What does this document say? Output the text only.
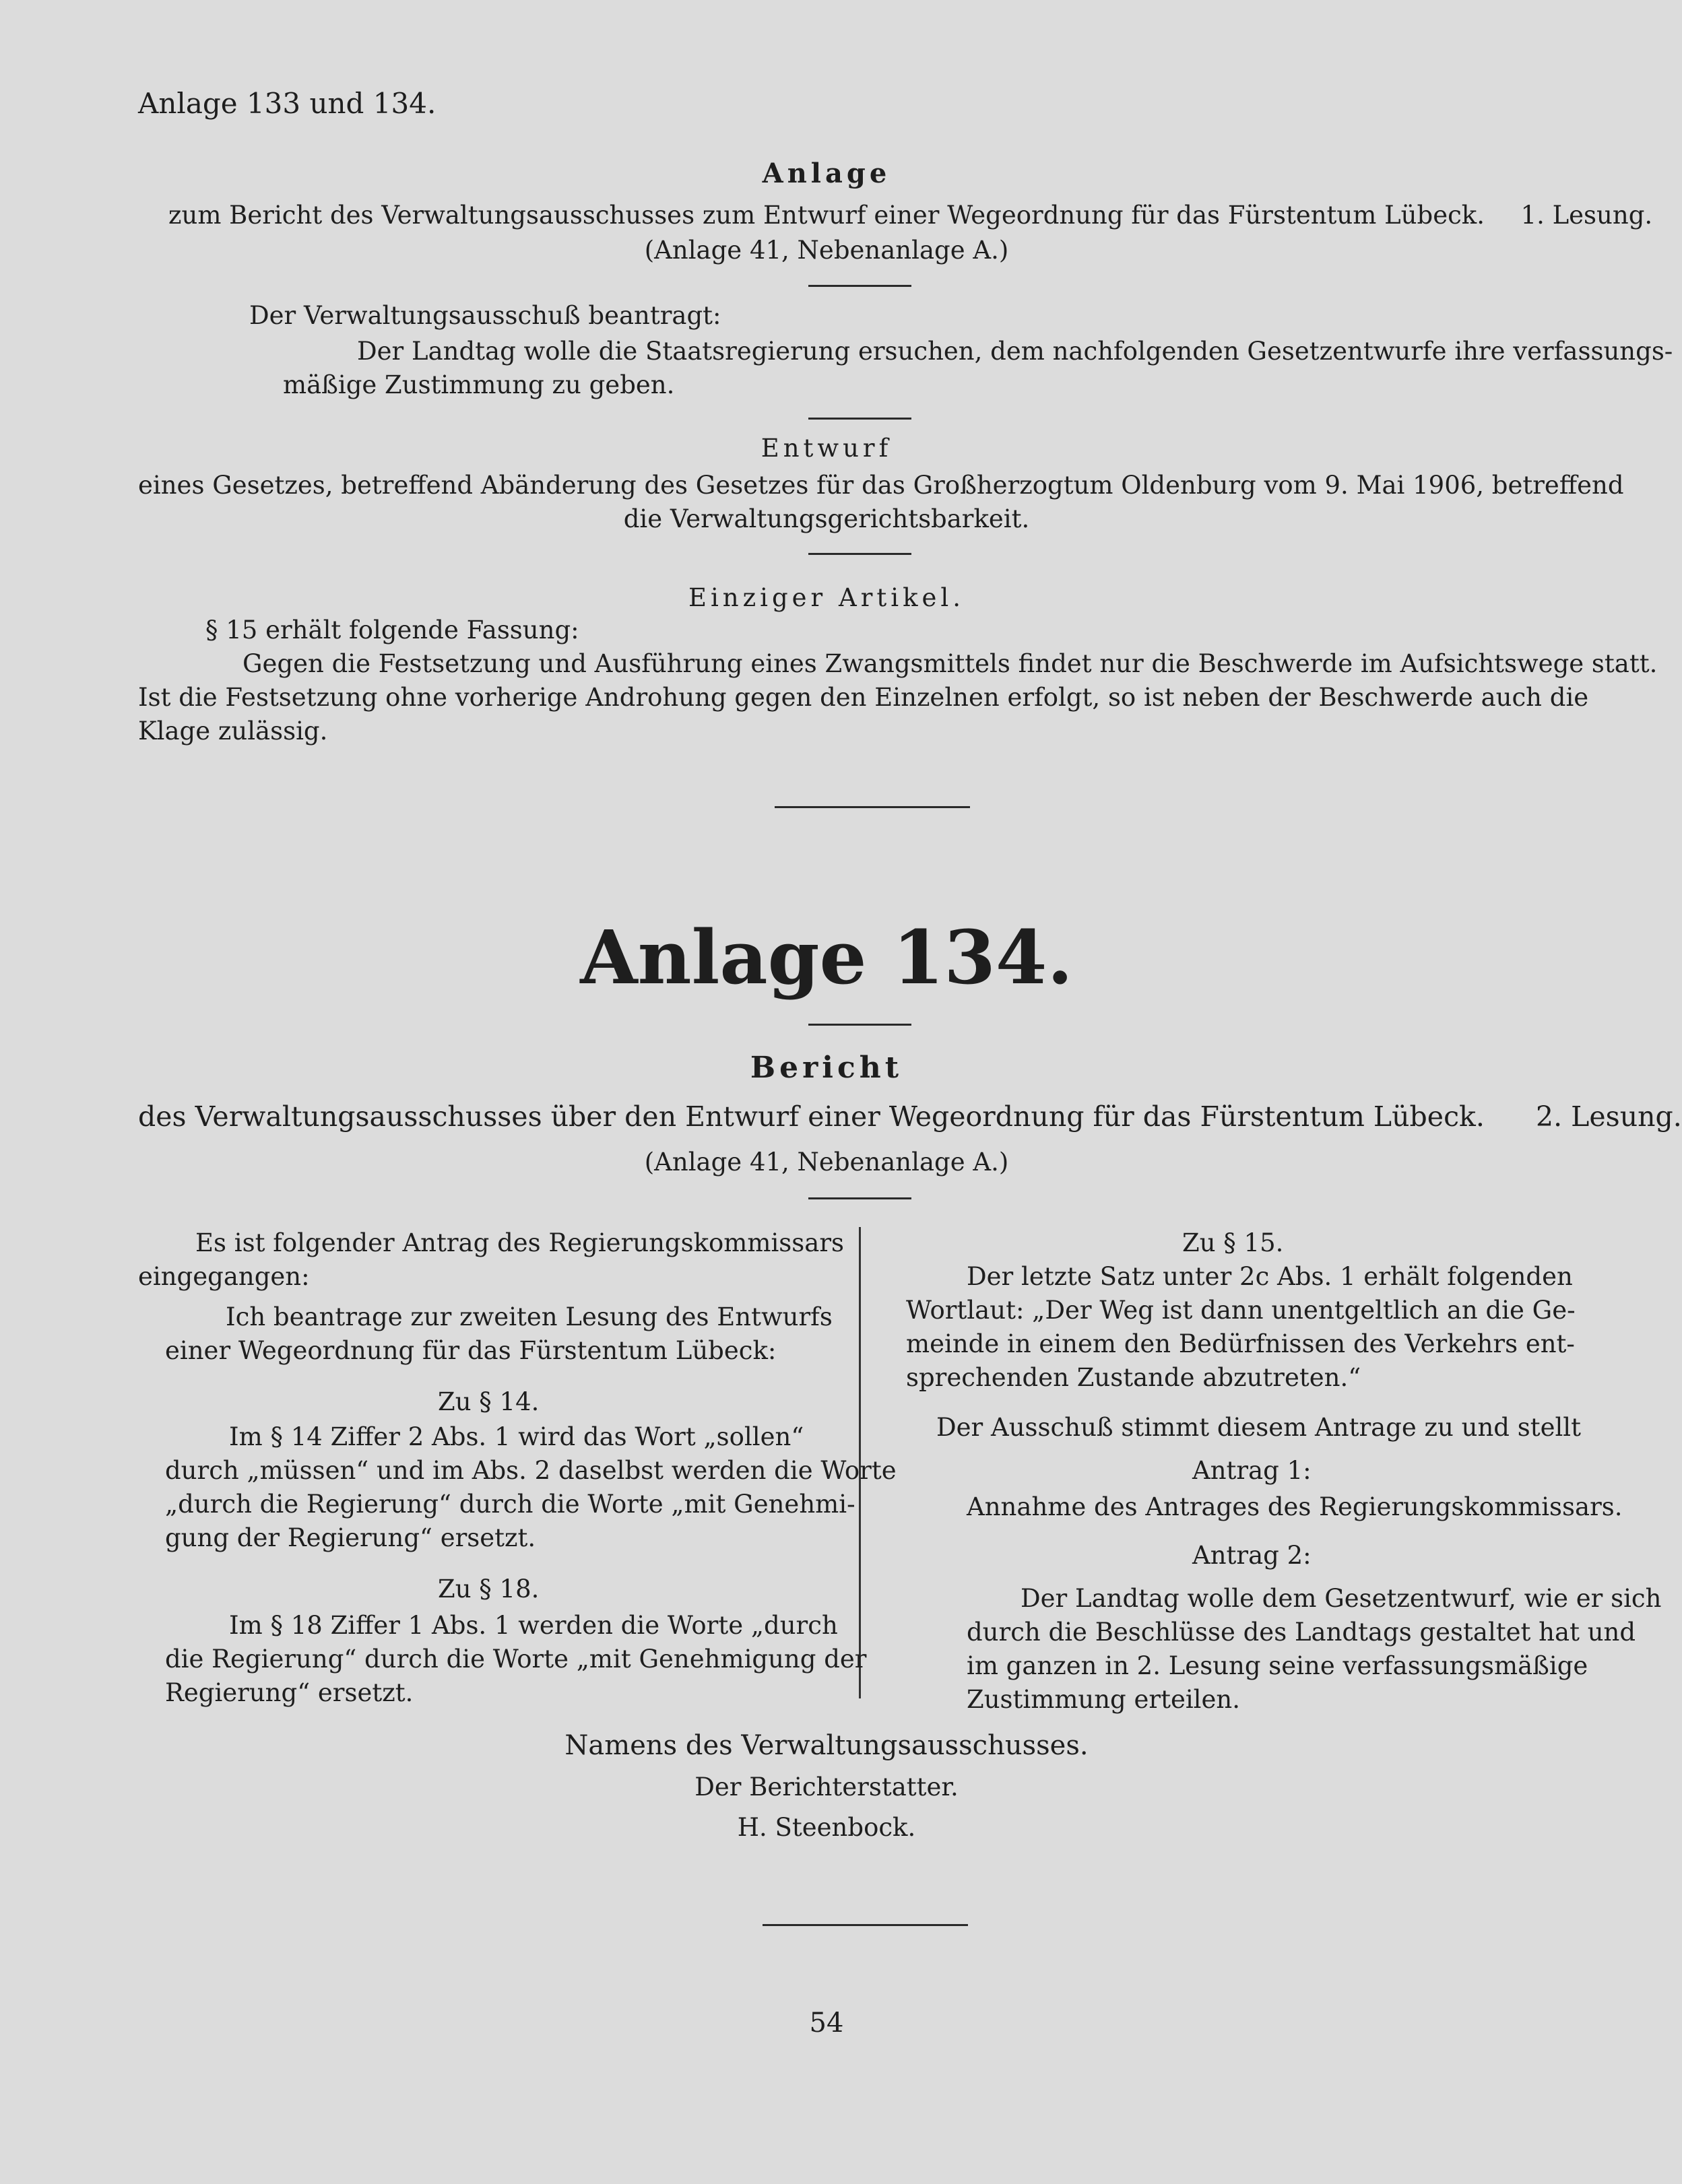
Anlage 133 und 134.
Anlage
zum Bericht des Verwaltungsausschusses zum Entwurf einer Wegeordnung für das Fürstentum Lübeck. 1. Lesung.
(Anlage 41, Nebenanlage A.)
Der Verwaltungsausschuß beantragt:
Der Landtag wolle die Staatsregierung ersuchen, dem nachfolgenden Gesetzentwurfe ihre verfassungs-
mäßige Zustimmung zu geben.
Entwurf
eines Gesetzes, betreffend Abänderung des Gesetzes für das Großherzogtum Oldenburg vom 9. Mai 1906, betreffend
die Verwaltungsgerichtsbarkeit.
Einziger Artikel.
§ 15 erhält folgende Fassung:
Gegen die Festsetzung und Ausführung eines Zwangsmittels findet nur die Beschwerde im Aufsichtswege statt.
Ist die Festsetzung ohne vorherige Androhung gegen den Einzelnen erfolgt, so ist neben der Beschwerde auch die
Klage zulässig.
Anlage 134.
Bericht
des Verwaltungsausschusses über den Entwurf einer Wegeordnung für das Fürstentum Lübeck. 2. Lesung.
(Anlage 41, Nebenanlage A.)
Es ist folgender Antrag des Regierungskommissars
eingegangen:
Ich beantrage zur zweiten Lesung des Entwurfs
einer Wegeordnung für das Fürstentum Lübeck:
Zu § 14.
Im § 14 Ziffer 2 Abs. 1 wird das Wort „sollen“
durch „müssen“ und im Abs. 2 daselbst werden die Worte
„durch die Regierung“ durch die Worte „mit Genehmi-
gung der Regierung“ ersetzt.
Zu § 18.
Im § 18 Ziffer 1 Abs. 1 werden die Worte „durch
die Regierung“ durch die Worte „mit Genehmigung der
Regierung“ ersetzt.
Zu § 15.
Der letzte Satz unter 2c Abs. 1 erhält folgenden
Wortlaut: „Der Weg ist dann unentgeltlich an die Ge-
meinde in einem den Bedürfnissen des Verkehrs ent-
sprechenden Zustande abzutreten.“
Der Ausschuß stimmt diesem Antrage zu und stellt
Antrag 1:
Annahme des Antrages des Regierungskommissars.
Antrag 2:
Der Landtag wolle dem Gesetzentwurf, wie er sich
durch die Beschlüsse des Landtags gestaltet hat und
im ganzen in 2. Lesung seine verfassungsmäßige
Zustimmung erteilen.
Namens des Verwaltungsausschusses.
Der Berichterstatter.
H. Steenbock.
54
